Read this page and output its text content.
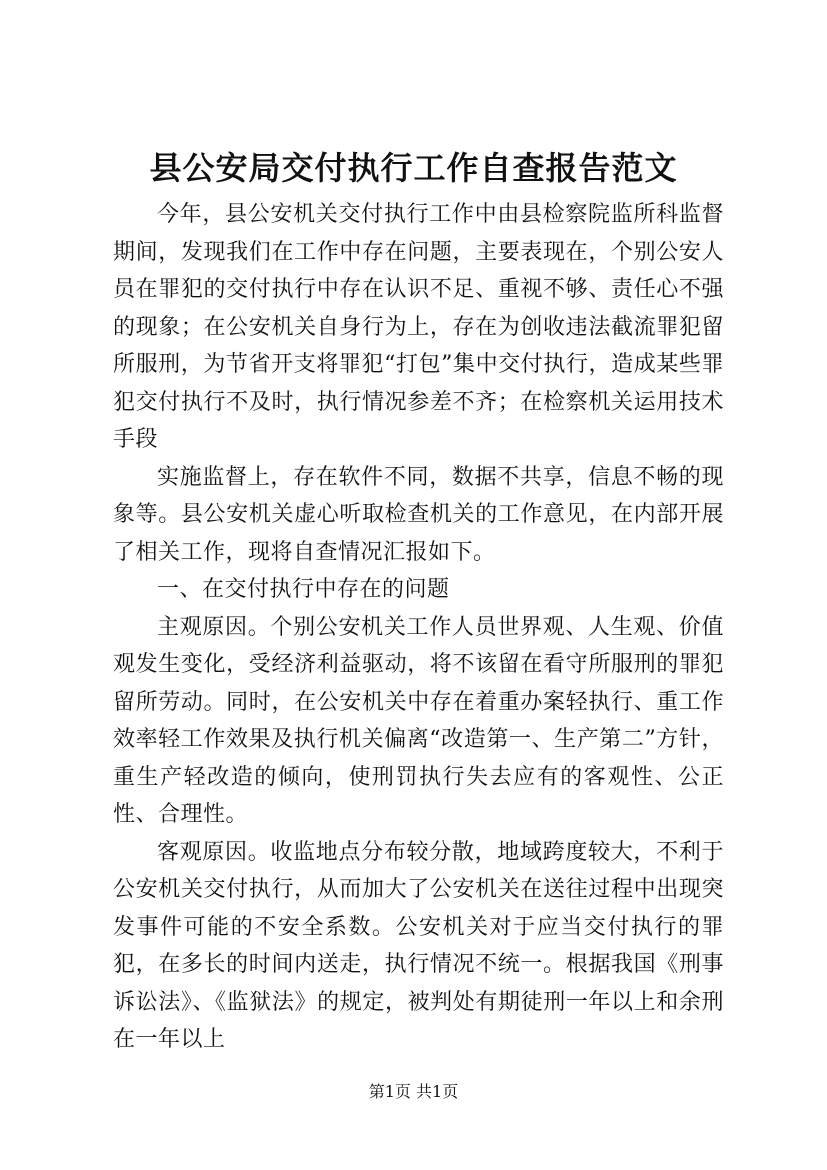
县公安局交付执行工作自查报告范文

今年，县公安机关交付执行工作中由县检察院监所科监督期间，发现我们在工作中存在问题，主要表现在，个别公安人员在罪犯的交付执行中存在认识不足、重视不够、责任心不强的现象；在公安机关自身行为上，存在为创收违法截流罪犯留所服刑，为节省开支将罪犯“打包”集中交付执行，造成某些罪犯交付执行不及时，执行情况参差不齐；在检察机关运用技术手段

实施监督上，存在软件不同，数据不共享，信息不畅的现象等。县公安机关虚心听取检查机关的工作意见，在内部开展了相关工作，现将自查情况汇报如下。

一、在交付执行中存在的问题

主观原因。个别公安机关工作人员世界观、人生观、价值观发生变化，受经济利益驱动，将不该留在看守所服刑的罪犯留所劳动。同时，在公安机关中存在着重办案轻执行、重工作效率轻工作效果及执行机关偏离“改造第一、生产第二”方针，重生产轻改造的倾向，使刑罚执行失去应有的客观性、公正性、合理性。

客观原因。收监地点分布较分散，地域跨度较大，不利于公安机关交付执行，从而加大了公安机关在送往过程中出现突发事件可能的不安全系数。公安机关对于应当交付执行的罪犯，在多长的时间内送走，执行情况不统一。根据我国《刑事诉讼法》、《监狱法》的规定，被判处有期徒刑一年以上和余刑在一年以上

第1页 共1页
